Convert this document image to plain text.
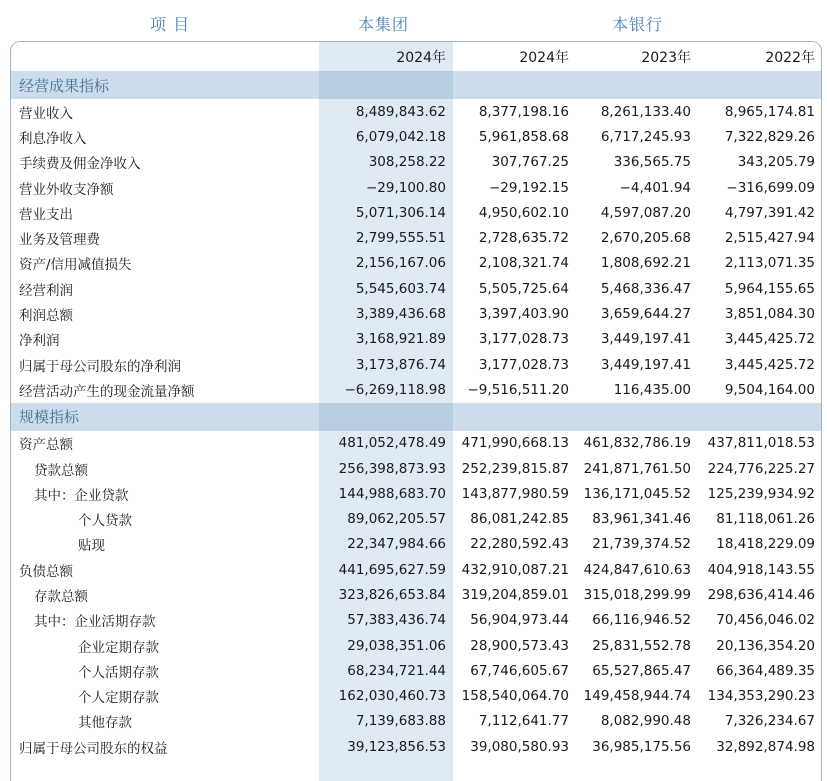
项 目	本集团	本银行
	2024年	2024年	2023年	2022年
经营成果指标				
营业收入	8,489,843.62	8,377,198.16	8,261,133.40	8,965,174.81
利息净收入	6,079,042.18	5,961,858.68	6,717,245.93	7,322,829.26
手续费及佣金净收入	308,258.22	307,767.25	336,565.75	343,205.79
营业外收支净额	−29,100.80	−29,192.15	−4,401.94	−316,699.09
营业支出	5,071,306.14	4,950,602.10	4,597,087.20	4,797,391.42
业务及管理费	2,799,555.51	2,728,635.72	2,670,205.68	2,515,427.94
资产/信用减值损失	2,156,167.06	2,108,321.74	1,808,692.21	2,113,071.35
经营利润	5,545,603.74	5,505,725.64	5,468,336.47	5,964,155.65
利润总额	3,389,436.68	3,397,403.90	3,659,644.27	3,851,084.30
净利润	3,168,921.89	3,177,028.73	3,449,197.41	3,445,425.72
归属于母公司股东的净利润	3,173,876.74	3,177,028.73	3,449,197.41	3,445,425.72
经营活动产生的现金流量净额	−6,269,118.98	−9,516,511.20	116,435.00	9,504,164.00
规模指标				
资产总额	481,052,478.49	471,990,668.13	461,832,786.19	437,811,018.53
贷款总额	256,398,873.93	252,239,815.87	241,871,761.50	224,776,225.27
其中：企业贷款	144,988,683.70	143,877,980.59	136,171,045.52	125,239,934.92
个人贷款	89,062,205.57	86,081,242.85	83,961,341.46	81,118,061.26
贴现	22,347,984.66	22,280,592.43	21,739,374.52	18,418,229.09
负债总额	441,695,627.59	432,910,087.21	424,847,610.63	404,918,143.55
存款总额	323,826,653.84	319,204,859.01	315,018,299.99	298,636,414.46
其中：企业活期存款	57,383,436.74	56,904,973.44	66,116,946.52	70,456,046.02
企业定期存款	29,038,351.06	28,900,573.43	25,831,552.78	20,136,354.20
个人活期存款	68,234,721.44	67,746,605.67	65,527,865.47	66,364,489.35
个人定期存款	162,030,460.73	158,540,064.70	149,458,944.74	134,353,290.23
其他存款	7,139,683.88	7,112,641.77	8,082,990.48	7,326,234.67
归属于母公司股东的权益	39,123,856.53	39,080,580.93	36,985,175.56	32,892,874.98
